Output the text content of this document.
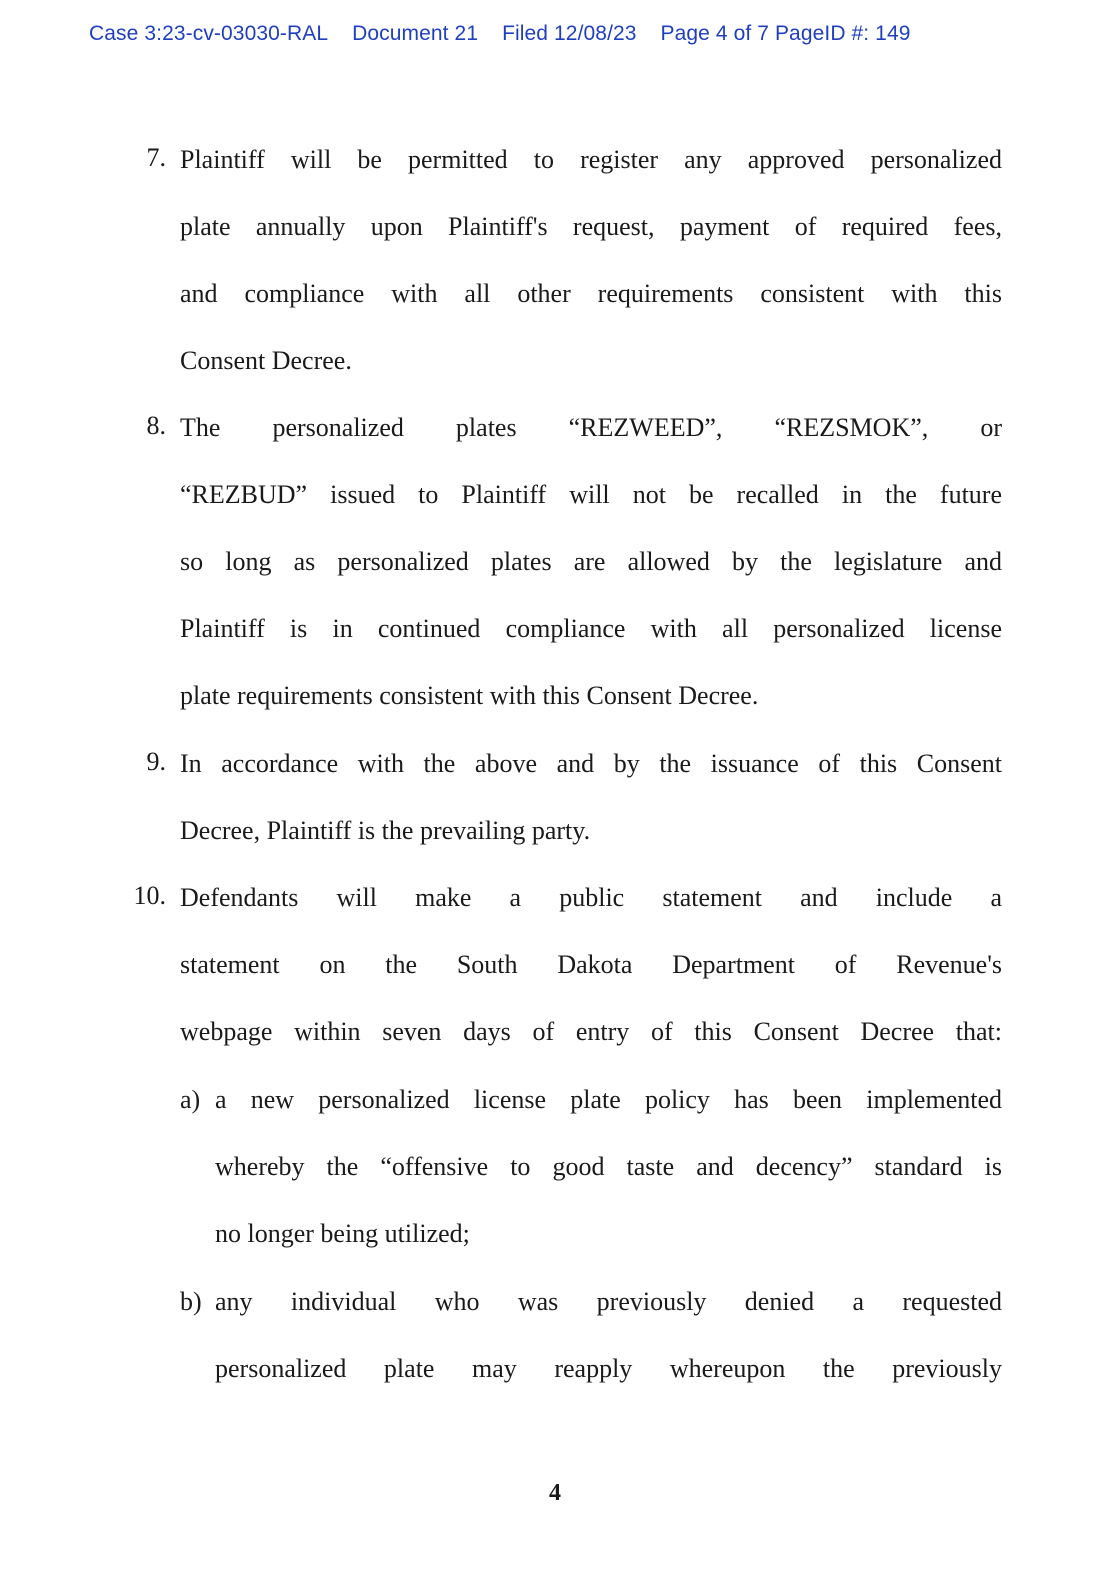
Case 3:23-cv-03030-RAL Document 21 Filed 12/08/23 Page 4 of 7 PageID #: 149
7. Plaintiff will be permitted to register any approved personalized
plate annually upon Plaintiff's request, payment of required fees,
and compliance with all other requirements consistent with this
Consent Decree.
8. The personalized plates “REZWEED”, “REZSMOK”, or
“REZBUD” issued to Plaintiff will not be recalled in the future
so long as personalized plates are allowed by the legislature and
Plaintiff is in continued compliance with all personalized license
plate requirements consistent with this Consent Decree.
9. In accordance with the above and by the issuance of this Consent
Decree, Plaintiff is the prevailing party.
10. Defendants will make a public statement and include a
statement on the South Dakota Department of Revenue's
webpage within seven days of entry of this Consent Decree that:
a) a new personalized license plate policy has been implemented
whereby the “offensive to good taste and decency” standard is
no longer being utilized;
b) any individual who was previously denied a requested
personalized plate may reapply whereupon the previously
4
